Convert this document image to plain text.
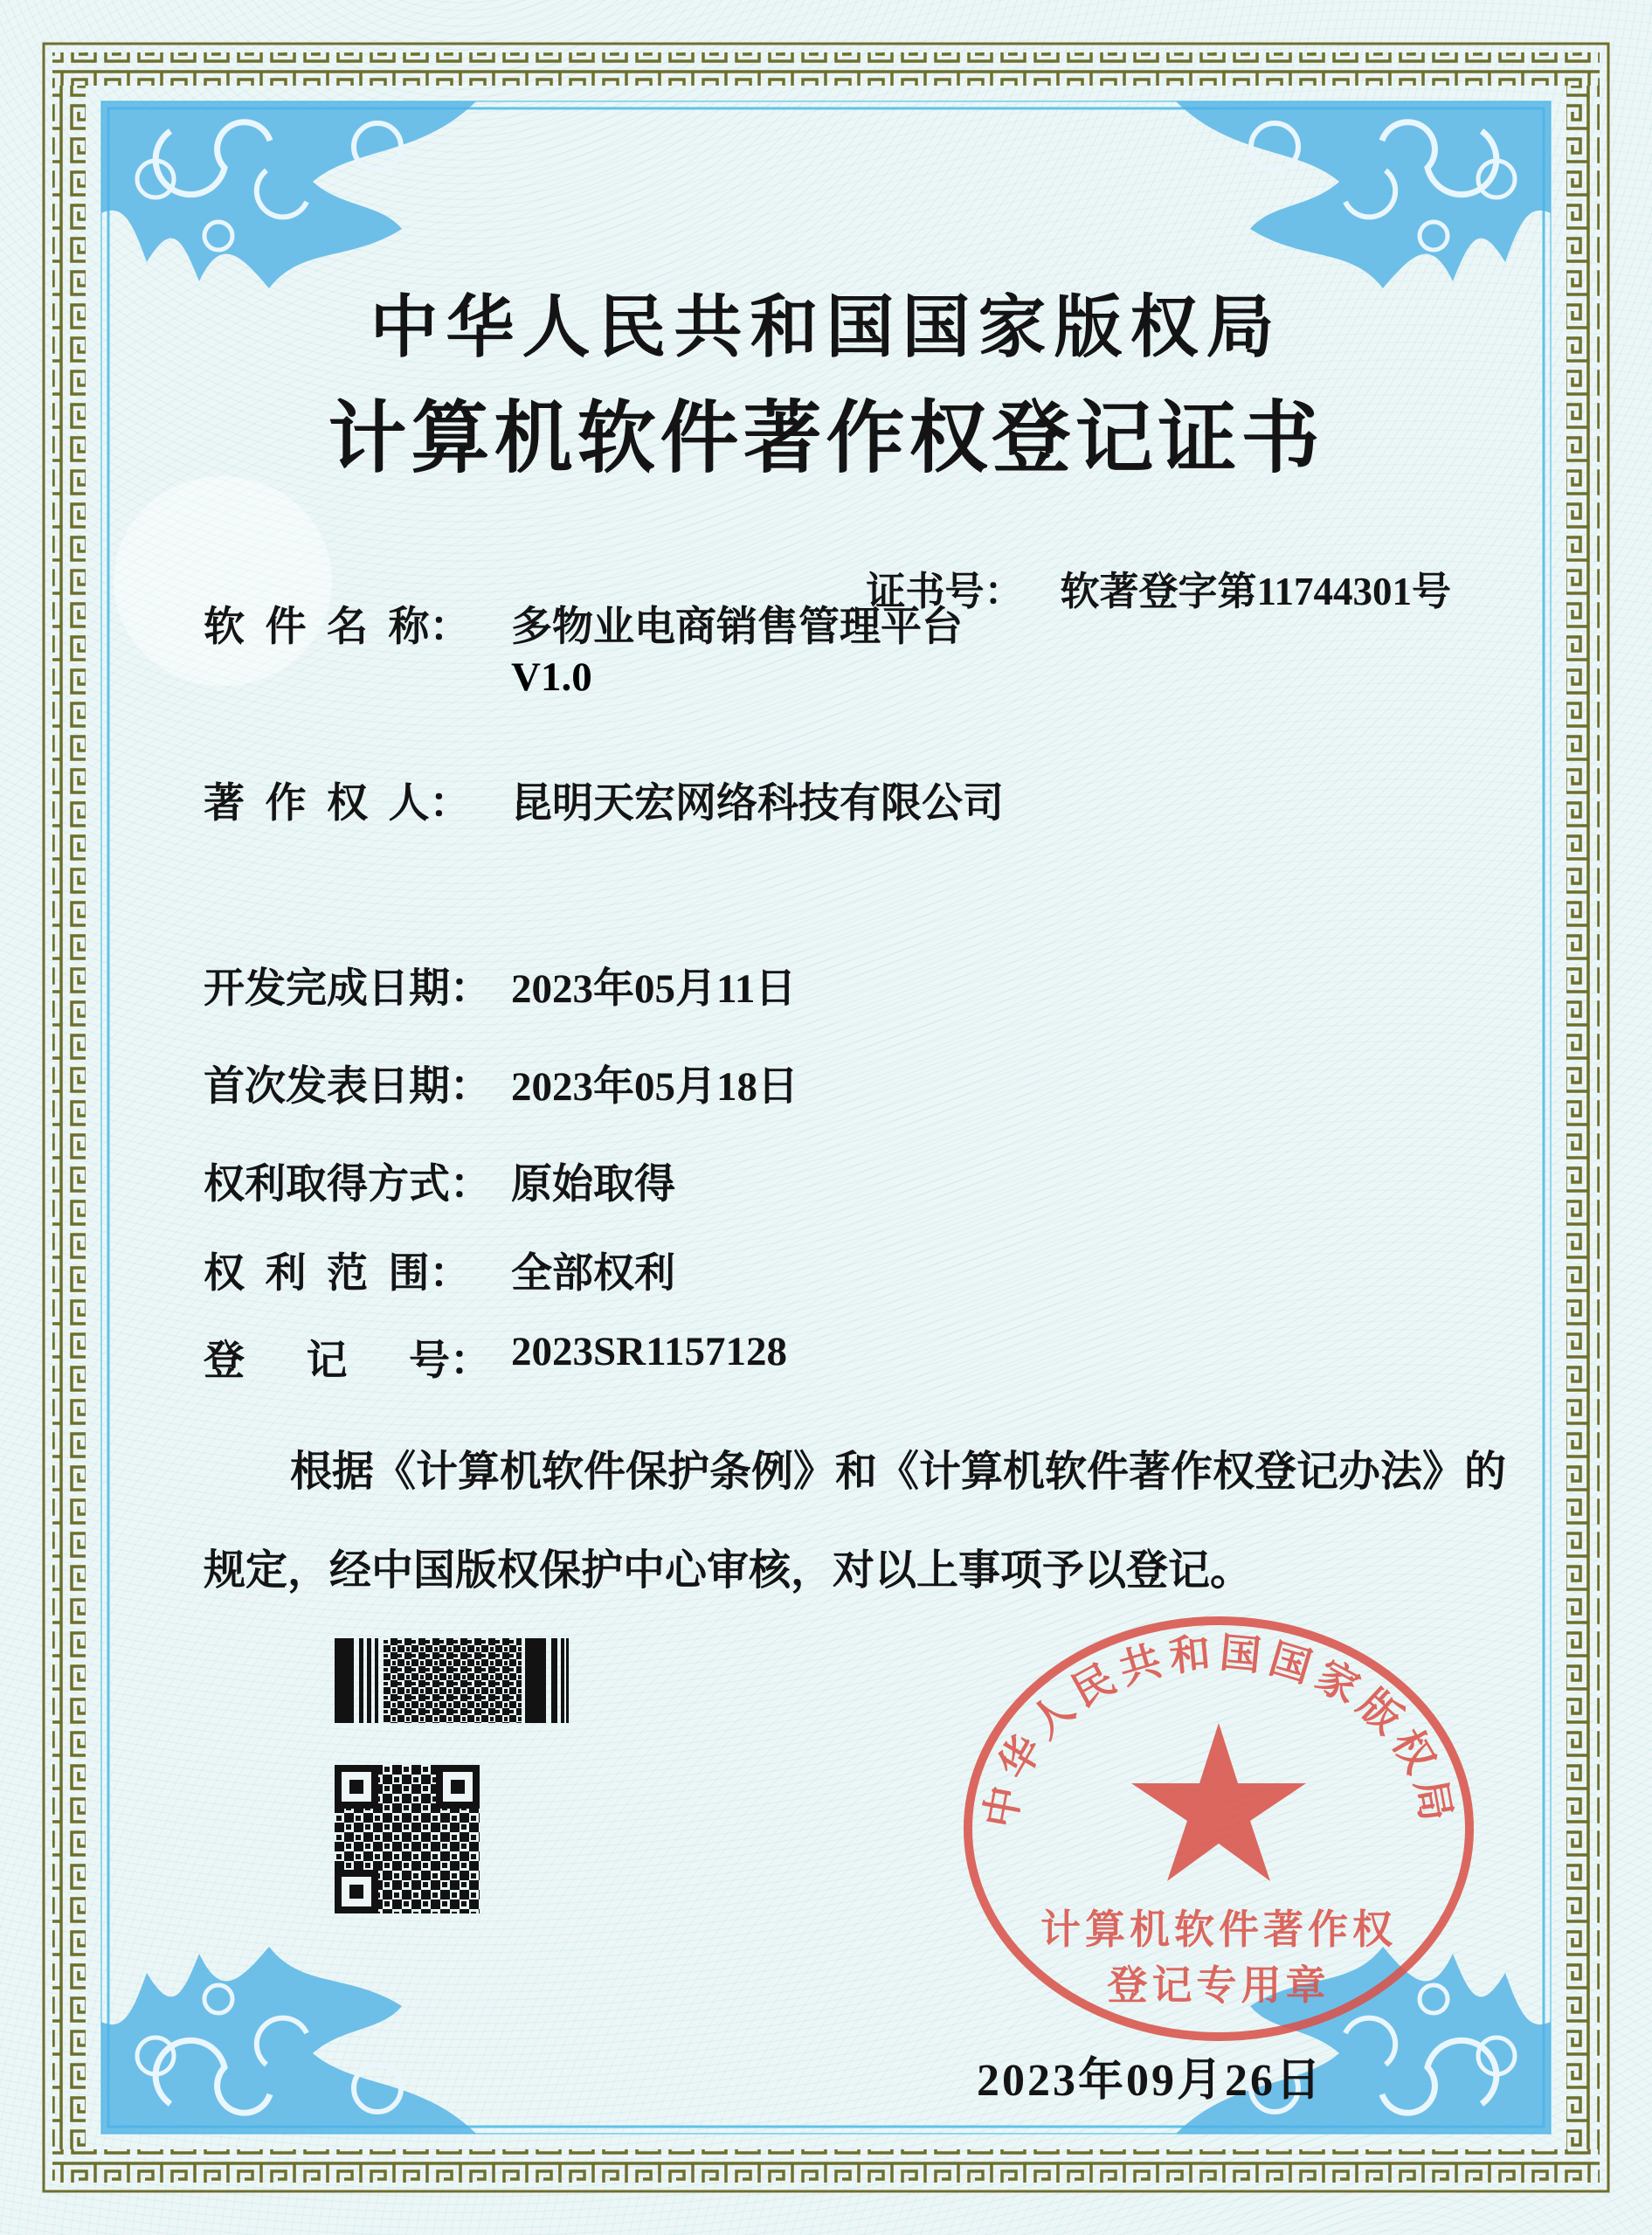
中华人民共和国国家版权局
计算机软件著作权登记证书

证书号： 软著登字第11744301号

软  件  名  称： 多物业电商销售管理平台
V1.0
著  作  权  人： 昆明天宏网络科技有限公司
开发完成日期： 2023年05月11日
首次发表日期： 2023年05月18日
权利取得方式： 原始取得
权  利  范  围： 全部权利
登      记      号： 2023SR1157128
根据《计算机软件保护条例》和《计算机软件著作权登记办法》的
规定，经中国版权保护中心审核，对以上事项予以登记。
中华人民共和国国家版权局
计算机软件著作权
登记专用章
2023年09月26日
